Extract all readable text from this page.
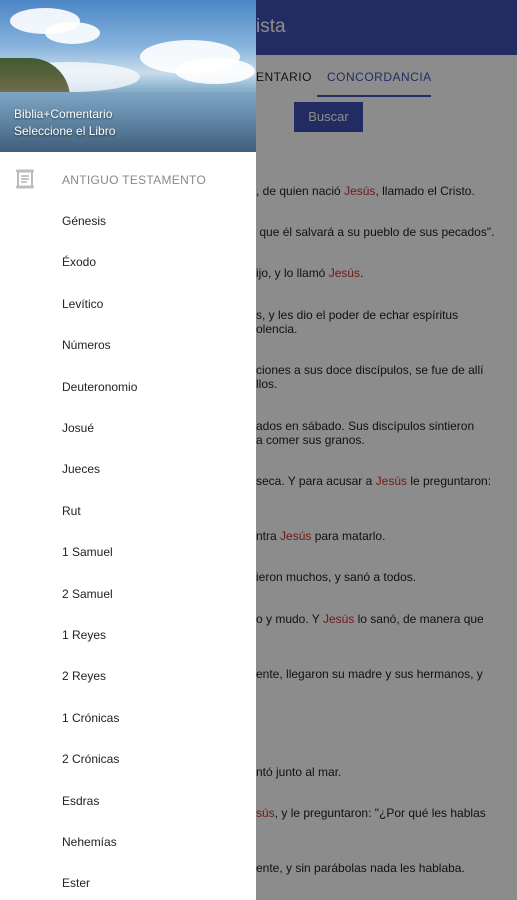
ista
ENTARIO CONCORDANCIA
Buscar
, de quien nació Jesús, llamado el Cristo.
que él salvará a su pueblo de sus pecados".
ijo, y lo llamó Jesús.
s, y les dio el poder de echar espíritus
olencia.
ciones a sus doce discípulos, se fue de allí
llos.
ados en sábado. Sus discípulos sintieron
a comer sus granos.
seca. Y para acusar a Jesús le preguntaron:
ntra Jesús para matarlo.
ieron muchos, y sanó a todos.
o y mudo. Y Jesús lo sanó, de manera que
ente, llegaron su madre y sus hermanos, y
ntó junto al mar.
sús, y le preguntaron: "¿Por qué les hablas
ente, y sin parábolas nada les hablaba.
Biblia+Comentario
Seleccione el Libro
ANTIGUO TESTAMENTO
Génesis
Éxodo
Levítico
Números
Deuteronomio
Josué
Jueces
Rut
1 Samuel
2 Samuel
1 Reyes
2 Reyes
1 Crónicas
2 Crónicas
Esdras
Nehemías
Ester
